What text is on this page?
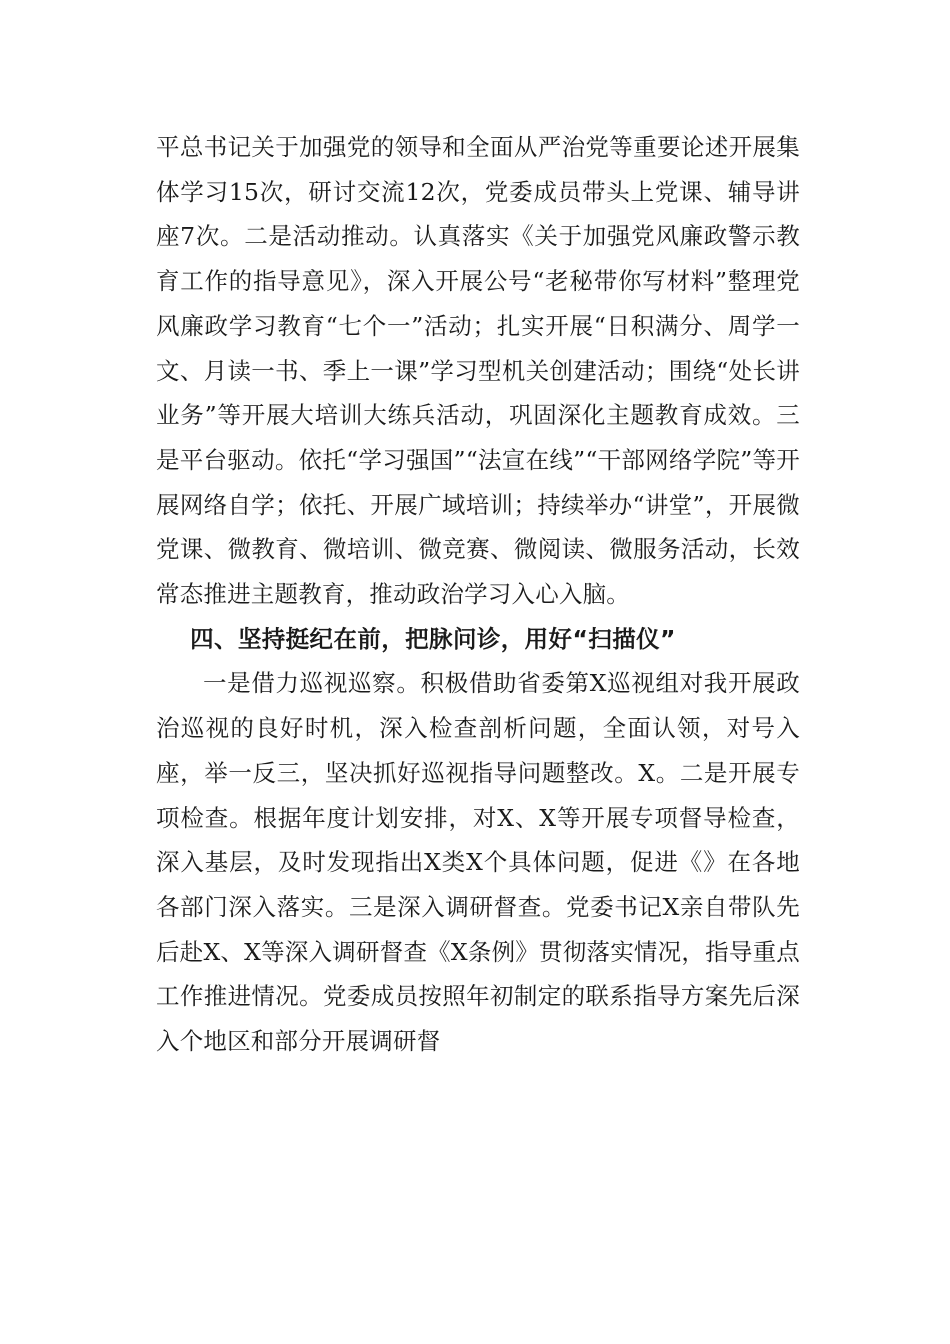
平总书记关于加强党的领导和全面从严治党等重要论述开展集体学习15次，研讨交流12次，党委成员带头上党课、辅导讲座7次。二是活动推动。认真落实《关于加强党风廉政警示教育工作的指导意见》，深入开展公号“老秘带你写材料”整理党风廉政学习教育“七个一”活动；扎实开展“日积满分、周学一文、月读一书、季上一课”学习型机关创建活动；围绕“处长讲业务”等开展大培训大练兵活动，巩固深化主题教育成效。三是平台驱动。依托“学习强国”“法宣在线”“干部网络学院”等开展网络自学；依托、开展广域培训；持续举办“讲堂”，开展微党课、微教育、微培训、微竞赛、微阅读、微服务活动，长效常态推进主题教育，推动政治学习入心入脑。

四、坚持挺纪在前，把脉问诊，用好“扫描仪”

一是借力巡视巡察。积极借助省委第X巡视组对我开展政治巡视的良好时机，深入检查剖析问题，全面认领，对号入座，举一反三，坚决抓好巡视指导问题整改。X。二是开展专项检查。根据年度计划安排，对X、X等开展专项督导检查，深入基层，及时发现指出X类X个具体问题，促进《》在各地各部门深入落实。三是深入调研督查。党委书记X亲自带队先后赴X、X等深入调研督查《X条例》贯彻落实情况，指导重点工作推进情况。党委成员按照年初制定的联系指导方案先后深入个地区和部分开展调研督
